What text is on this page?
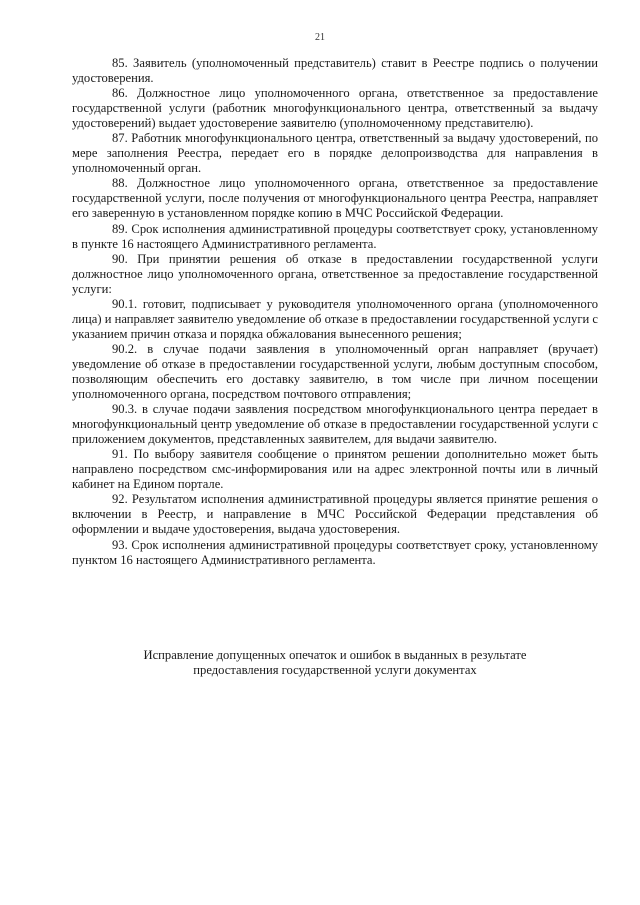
21

85. Заявитель (уполномоченный представитель) ставит в Реестре подпись о получении удостоверения.

86. Должностное лицо уполномоченного органа, ответственное за предоставление государственной услуги (работник многофункционального центра, ответственный за выдачу удостоверений) выдает удостоверение заявителю (уполномоченному представителю).

87. Работник многофункционального центра, ответственный за выдачу удостоверений, по мере заполнения Реестра, передает его в порядке делопроизводства для направления в уполномоченный орган.

88. Должностное лицо уполномоченного органа, ответственное за предоставление государственной услуги, после получения от многофункционального центра Реестра, направляет его заверенную в установленном порядке копию в МЧС Российской Федерации.

89. Срок исполнения административной процедуры соответствует сроку, установленному в пункте 16 настоящего Административного регламента.

90. При принятии решения об отказе в предоставлении государственной услуги должностное лицо уполномоченного органа, ответственное за предоставление государственной услуги:

90.1. готовит, подписывает у руководителя уполномоченного органа (уполномоченного лица) и направляет заявителю уведомление об отказе в предоставлении государственной услуги с указанием причин отказа и порядка обжалования вынесенного решения;

90.2. в случае подачи заявления в уполномоченный орган направляет (вручает) уведомление об отказе в предоставлении государственной услуги, любым доступным способом, позволяющим обеспечить его доставку заявителю, в том числе при личном посещении уполномоченного органа, посредством почтового отправления;

90.3. в случае подачи заявления посредством многофункционального центра передает в многофункциональный центр уведомление об отказе в предоставлении государственной услуги с приложением документов, представленных заявителем, для выдачи заявителю.

91. По выбору заявителя сообщение о принятом решении дополнительно может быть направлено посредством смс-информирования или на адрес электронной почты или в личный кабинет на Едином портале.

92. Результатом исполнения административной процедуры является принятие решения о включении в Реестр, и направление в МЧС Российской Федерации представления об оформлении и выдаче удостоверения, выдача удостоверения.

93. Срок исполнения административной процедуры соответствует сроку, установленному пунктом 16 настоящего Административного регламента.

Исправление допущенных опечаток и ошибок в выданных в результате

предоставления государственной услуги документах
